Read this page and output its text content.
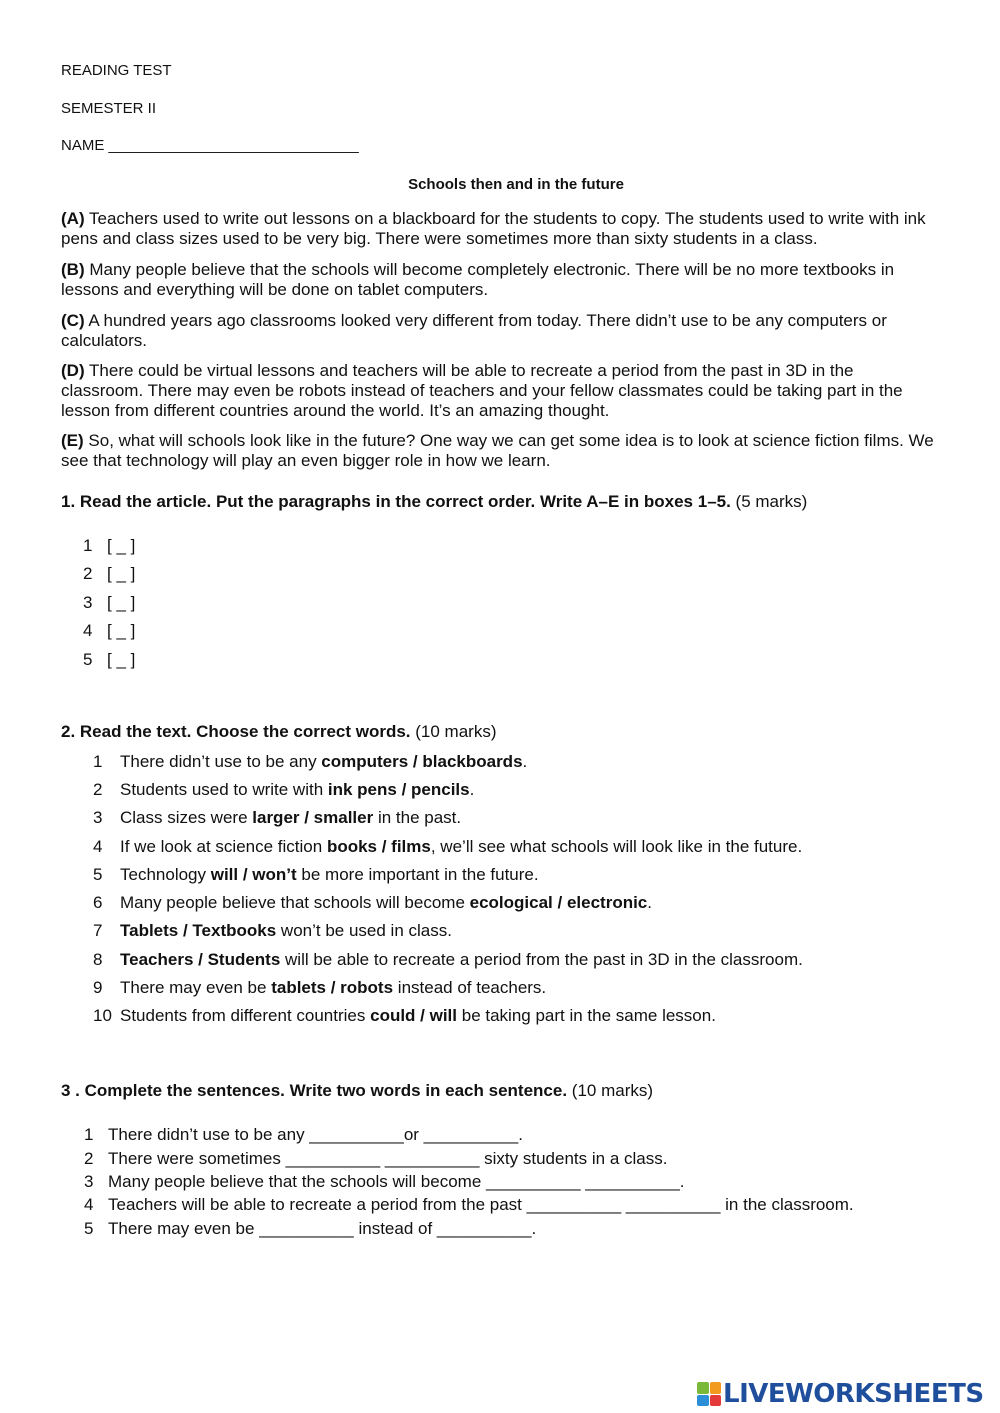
READING TEST
SEMESTER II
NAME ______________________________
Schools then and in the future
(A) Teachers used to write out lessons on a blackboard for the students to copy. The students used to write with ink pens and class sizes used to be very big. There were sometimes more than sixty students in a class.
(B) Many people believe that the schools will become completely electronic. There will be no more textbooks in lessons and everything will be done on tablet computers.
(C) A hundred years ago classrooms looked very different from today. There didn’t use to be any computers or calculators.
(D) There could be virtual lessons and teachers will be able to recreate a period from the past in 3D in the classroom. There may even be robots instead of teachers and your fellow classmates could be taking part in the lesson from different countries around the world. It’s an amazing thought.
(E) So, what will schools look like in the future? One way we can get some idea is to look at science fiction films. We see that technology will play an even bigger role in how we learn.
1. Read the article. Put the paragraphs in the correct order. Write A–E in boxes 1–5. (5 marks)
1 [ _ ]
2 [ _ ]
3 [ _ ]
4 [ _ ]
5 [ _ ]
2. Read the text. Choose the correct words. (10 marks)
1 There didn’t use to be any computers / blackboards.
2 Students used to write with ink pens / pencils.
3 Class sizes were larger / smaller in the past.
4 If we look at science fiction books / films, we’ll see what schools will look like in the future.
5 Technology will / won’t be more important in the future.
6 Many people believe that schools will become ecological / electronic.
7 Tablets / Textbooks won’t be used in class.
8 Teachers / Students will be able to recreate a period from the past in 3D in the classroom.
9 There may even be tablets / robots instead of teachers.
10 Students from different countries could / will be taking part in the same lesson.
3 . Complete the sentences. Write two words in each sentence. (10 marks)
1 There didn’t use to be any __________or __________.
2 There were sometimes __________ __________ sixty students in a class.
3 Many people believe that the schools will become __________ __________.
4 Teachers will be able to recreate a period from the past __________ __________ in the classroom.
5 There may even be __________ instead of __________.
LIVEWORKSHEETS
